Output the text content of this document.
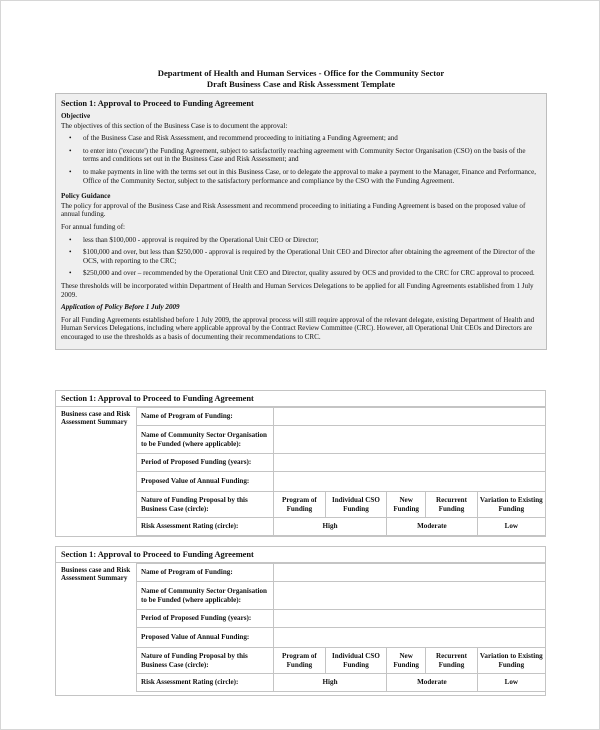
Department of Health and Human Services - Office for the Community Sector
Draft Business Case and Risk Assessment Template
Section 1: Approval to Proceed to Funding Agreement
Objective

The objectives of this section of the Business Case is to document the approval:

• of the Business Case and Risk Assessment, and recommend proceeding to initiating a Funding Agreement; and
• to enter into ('execute') the Funding Agreement, subject to satisfactorily reaching agreement with Community Sector Organisation (CSO) on the basis of the terms and conditions set out in the Business Case and Risk Assessment; and
• to make payments in line with the terms set out in this Business Case, or to delegate the approval to make a payment to the Manager, Finance and Performance, Office of the Community Sector, subject to the satisfactory performance and compliance by the CSO with the Funding Agreement.
Policy Guidance

The policy for approval of the Business Case and Risk Assessment and recommend proceeding to initiating a Funding Agreement is based on the proposed value of annual funding.

For annual funding of:

• less than $100,000 - approval is required by the Operational Unit CEO or Director;
• $100,000 and over, but less than $250,000 - approval is required by the Operational Unit CEO and Director after obtaining the agreement of the Director of the OCS, with reporting to the CRC;
• $250,000 and over – recommended by the Operational Unit CEO and Director, quality assured by OCS and provided to the CRC for CRC approval to proceed.

These thresholds will be incorporated within Department of Health and Human Services Delegations to be applied for all Funding Agreements established from 1 July 2009.

Application of Policy Before 1 July 2009

For all Funding Agreements established before 1 July 2009, the approval process will still require approval of the relevant delegate, existing Department of Health and Human Services Delegations, including where applicable approval by the Contract Review Committee (CRC). However, all Operational Unit CEOs and Directors are encouraged to use the thresholds as a basis of documenting their recommendations to CRC.

Section 1: Approval to Proceed to Funding Agreement
Business case and Risk Assessment Summary
Name of Program of Funding:					
Name of Community Sector Organisation to be Funded (where applicable):					
Period of Proposed Funding (years):					
Proposed Value of Annual Funding:					
Nature of Funding Proposal by this Business Case (circle):	Program of Funding	Individual CSO Funding	New Funding	Recurrent Funding	Variation to Existing Funding
Risk Assessment Rating (circle):	High		Moderate		Low
Section 1: Approval to Proceed to Funding Agreement
Business case and Risk Assessment Summary
Name of Program of Funding:					
Name of Community Sector Organisation to be Funded (where applicable):					
Period of Proposed Funding (years):					
Proposed Value of Annual Funding:					
Nature of Funding Proposal by this Business Case (circle):	Program of Funding	Individual CSO Funding	New Funding	Recurrent Funding	Variation to Existing Funding
Risk Assessment Rating (circle):	High		Moderate		Low
